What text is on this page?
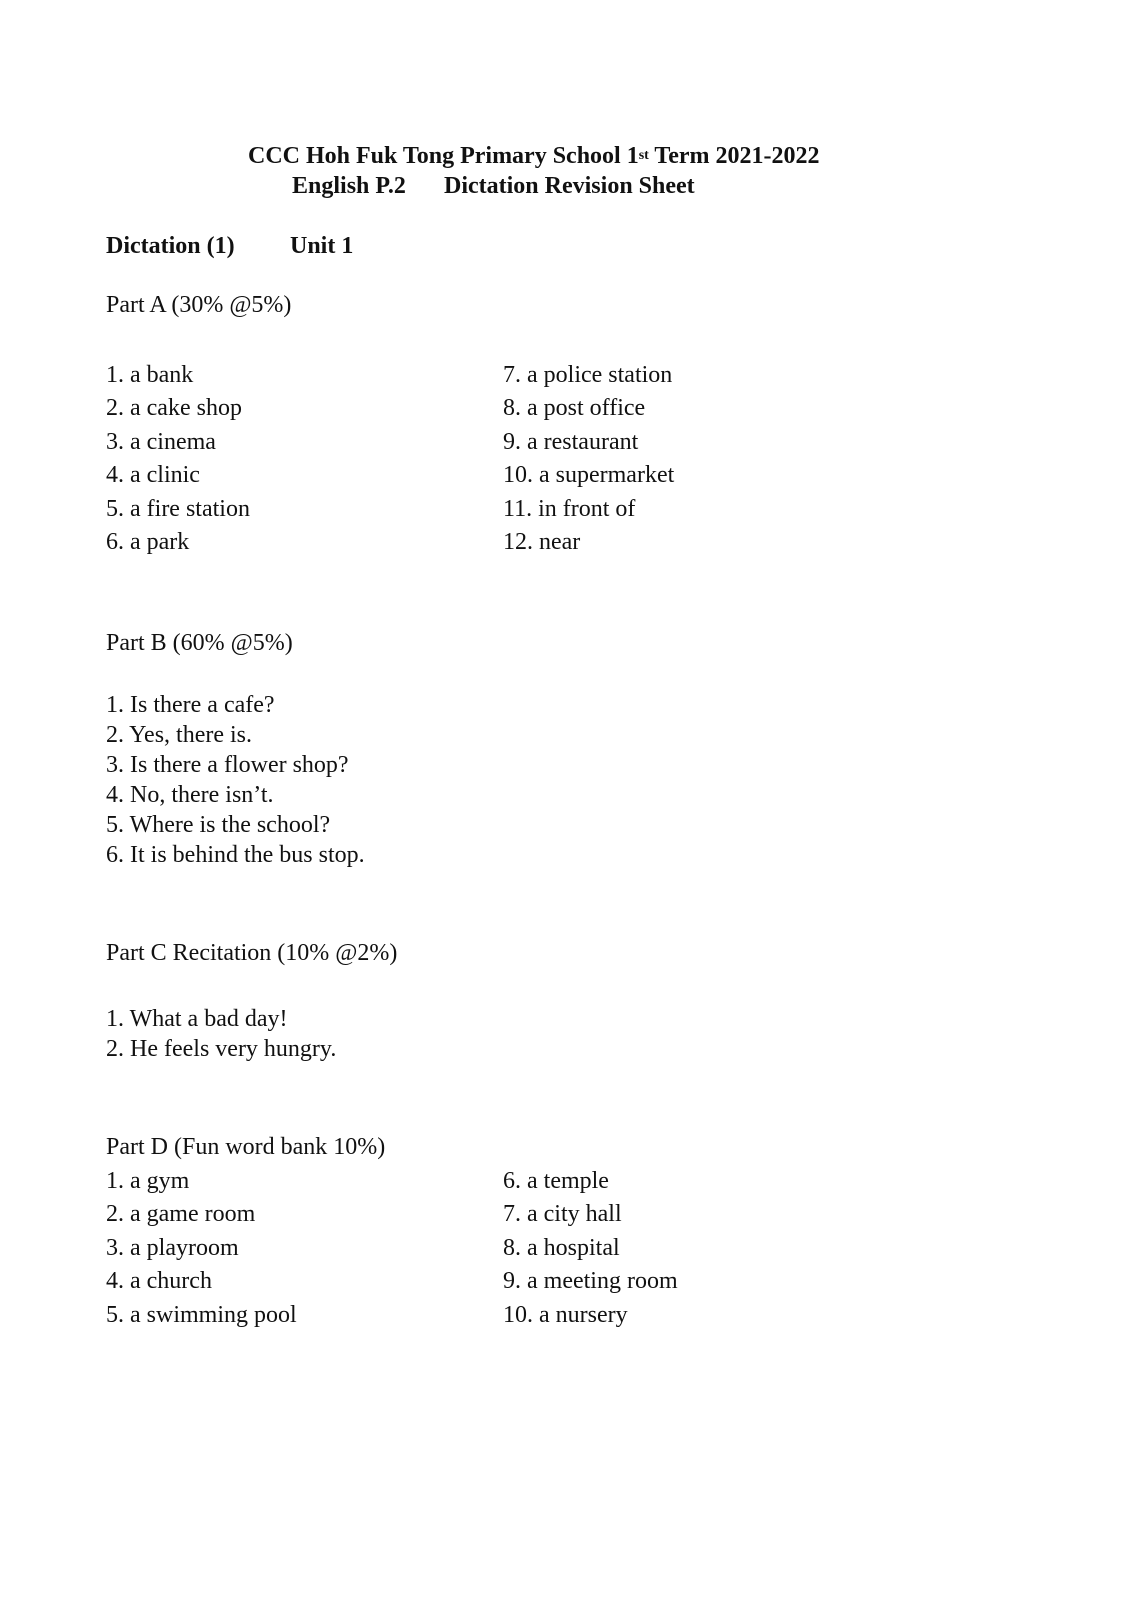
CCC Hoh Fuk Tong Primary School 1st Term 2021-2022
English P.2 Dictation Revision Sheet
Dictation (1) Unit 1
Part A (30% @5%)
1. a bank
2. a cake shop
3. a cinema
4. a clinic
5. a fire station
6. a park
7. a police station
8. a post office
9. a restaurant
10. a supermarket
11. in front of
12. near
Part B (60% @5%)
1. Is there a cafe?
2. Yes, there is.
3. Is there a flower shop?
4. No, there isn’t.
5. Where is the school?
6. It is behind the bus stop.
Part C Recitation (10% @2%)
1. What a bad day!
2. He feels very hungry.
Part D (Fun word bank 10%)
1. a gym
2. a game room
3. a playroom
4. a church
5. a swimming pool
6. a temple
7. a city hall
8. a hospital
9. a meeting room
10. a nursery
